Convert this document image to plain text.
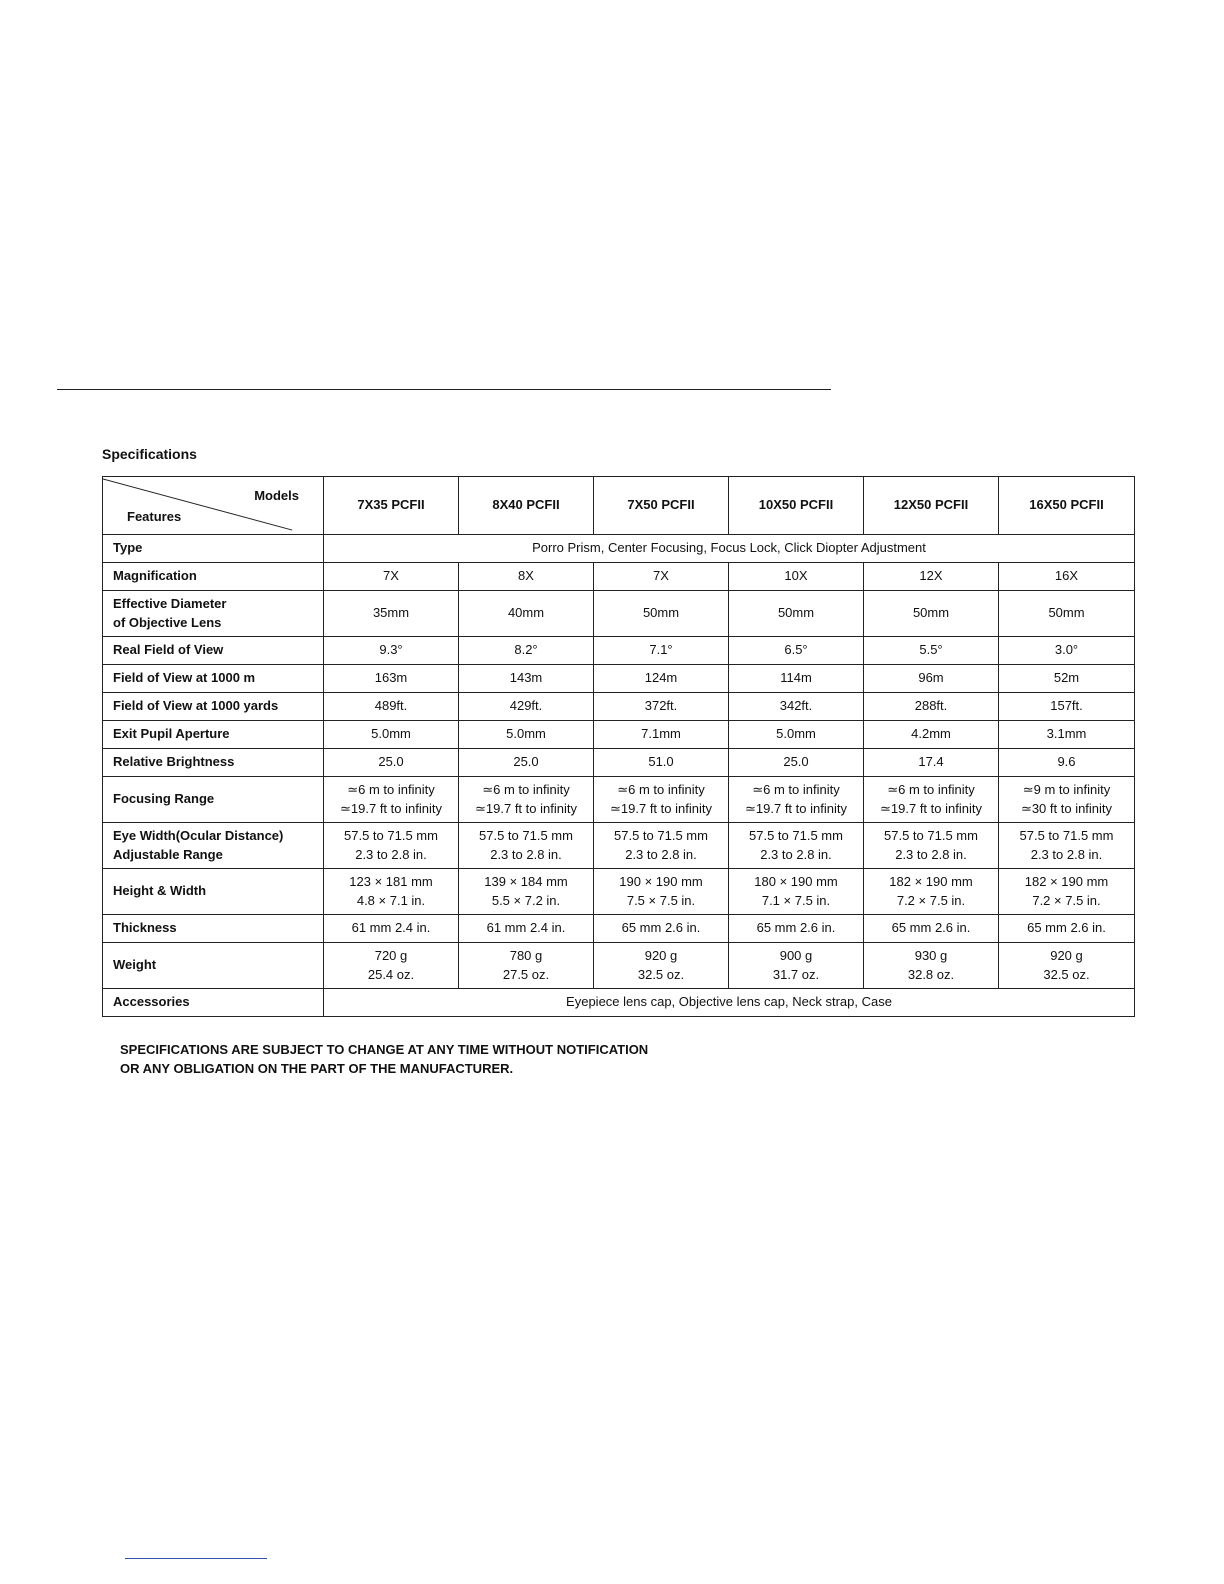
Specifications
Models
Features	7X35 PCFII	8X40 PCFII	7X50 PCFII	10X50 PCFII	12X50 PCFII	16X50 PCFII
Type	Porro Prism, Center Focusing, Focus Lock, Click Diopter Adjustment					

Magnification	7X	8X	7X	10X	12X	16X

Effective Diameter
of Objective Lens	35mm	40mm	50mm	50mm	50mm	50mm

Real Field of View	9.3°	8.2°	7.1°	6.5°	5.5°	3.0°

Field of View at 1000 m	163m	143m	124m	114m	96m	52m

Field of View at 1000 yards	489ft.	429ft.	372ft.	342ft.	288ft.	157ft.

Exit Pupil Aperture	5.0mm	5.0mm	7.1mm	5.0mm	4.2mm	3.1mm

Relative Brightness	25.0	25.0	51.0	25.0	17.4	9.6

Focusing Range	≃6 m to infinity
≃19.7 ft to infinity	≃6 m to infinity
≃19.7 ft to infinity	≃6 m to infinity
≃19.7 ft to infinity	≃6 m to infinity
≃19.7 ft to infinity	≃6 m to infinity
≃19.7 ft to infinity	≃9 m to infinity
≃30 ft to infinity

Eye Width(Ocular Distance)
Adjustable Range	57.5 to 71.5 mm
2.3 to 2.8 in.	57.5 to 71.5 mm
2.3 to 2.8 in.	57.5 to 71.5 mm
2.3 to 2.8 in.	57.5 to 71.5 mm
2.3 to 2.8 in.	57.5 to 71.5 mm
2.3 to 2.8 in.	57.5 to 71.5 mm
2.3 to 2.8 in.

Height & Width	123 × 181 mm
4.8 × 7.1 in.	139 × 184 mm
5.5 × 7.2 in.	190 × 190 mm
7.5 × 7.5 in.	180 × 190 mm
7.1 × 7.5 in.	182 × 190 mm
7.2 × 7.5 in.	182 × 190 mm
7.2 × 7.5 in.

Thickness	61 mm 2.4 in.	61 mm 2.4 in.	65 mm 2.6 in.	65 mm 2.6 in.	65 mm 2.6 in.	65 mm 2.6 in.

Weight	720 g
25.4 oz.	780 g
27.5 oz.	920 g
32.5 oz.	900 g
31.7 oz.	930 g
32.8 oz.	920 g
32.5 oz.

Accessories	Eyepiece lens cap, Objective lens cap, Neck strap, Case					
SPECIFICATIONS ARE SUBJECT TO CHANGE AT ANY TIME WITHOUT NOTIFICATION
OR ANY OBLIGATION ON THE PART OF THE MANUFACTURER.
